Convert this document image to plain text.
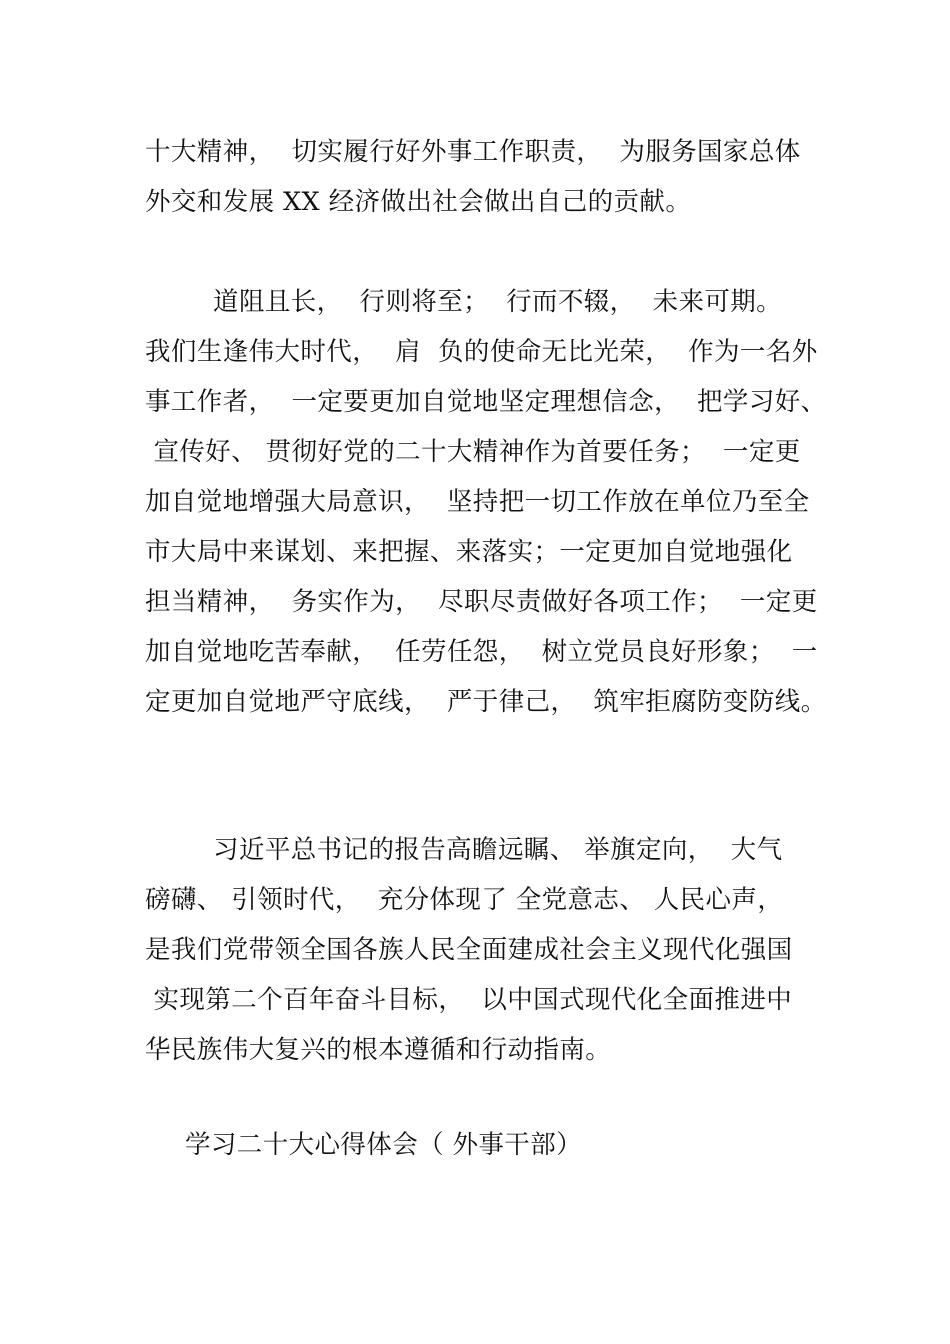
十大精神，  切实履行好外事工作职责，  为服务国家总体
外交和发展 XX 经济做出社会做出自己的贡献。
道阻且长，  行则将至；  行而不辍，  未来可期。
我们生逢伟大时代，  肩  负的使命无比光荣，  作为一名外
事工作者，  一定要更加自觉地坚定理想信念，  把学习好、
宣传好、 贯彻好党的二十大精神作为首要任务；  一定更
加自觉地增强大局意识，  坚持把一切工作放在单位乃至全
市大局中来谋划、来把握、来落实；一定更加自觉地强化
担当精神，  务实作为，  尽职尽责做好各项工作；  一定更
加自觉地吃苦奉献，  任劳任怨，  树立党员良好形象；  一
定更加自觉地严守底线，  严于律己，  筑牢拒腐防变防线。
习近平总书记的报告高瞻远瞩、 举旗定向，  大气
磅礴、 引领时代，  充分体现了 全党意志、 人民心声，
是我们党带领全国各族人民全面建成社会主义现代化强国
实现第二个百年奋斗目标，  以中国式现代化全面推进中
华民族伟大复兴的根本遵循和行动指南。
学习二十大心得体会（ 外事干部）
